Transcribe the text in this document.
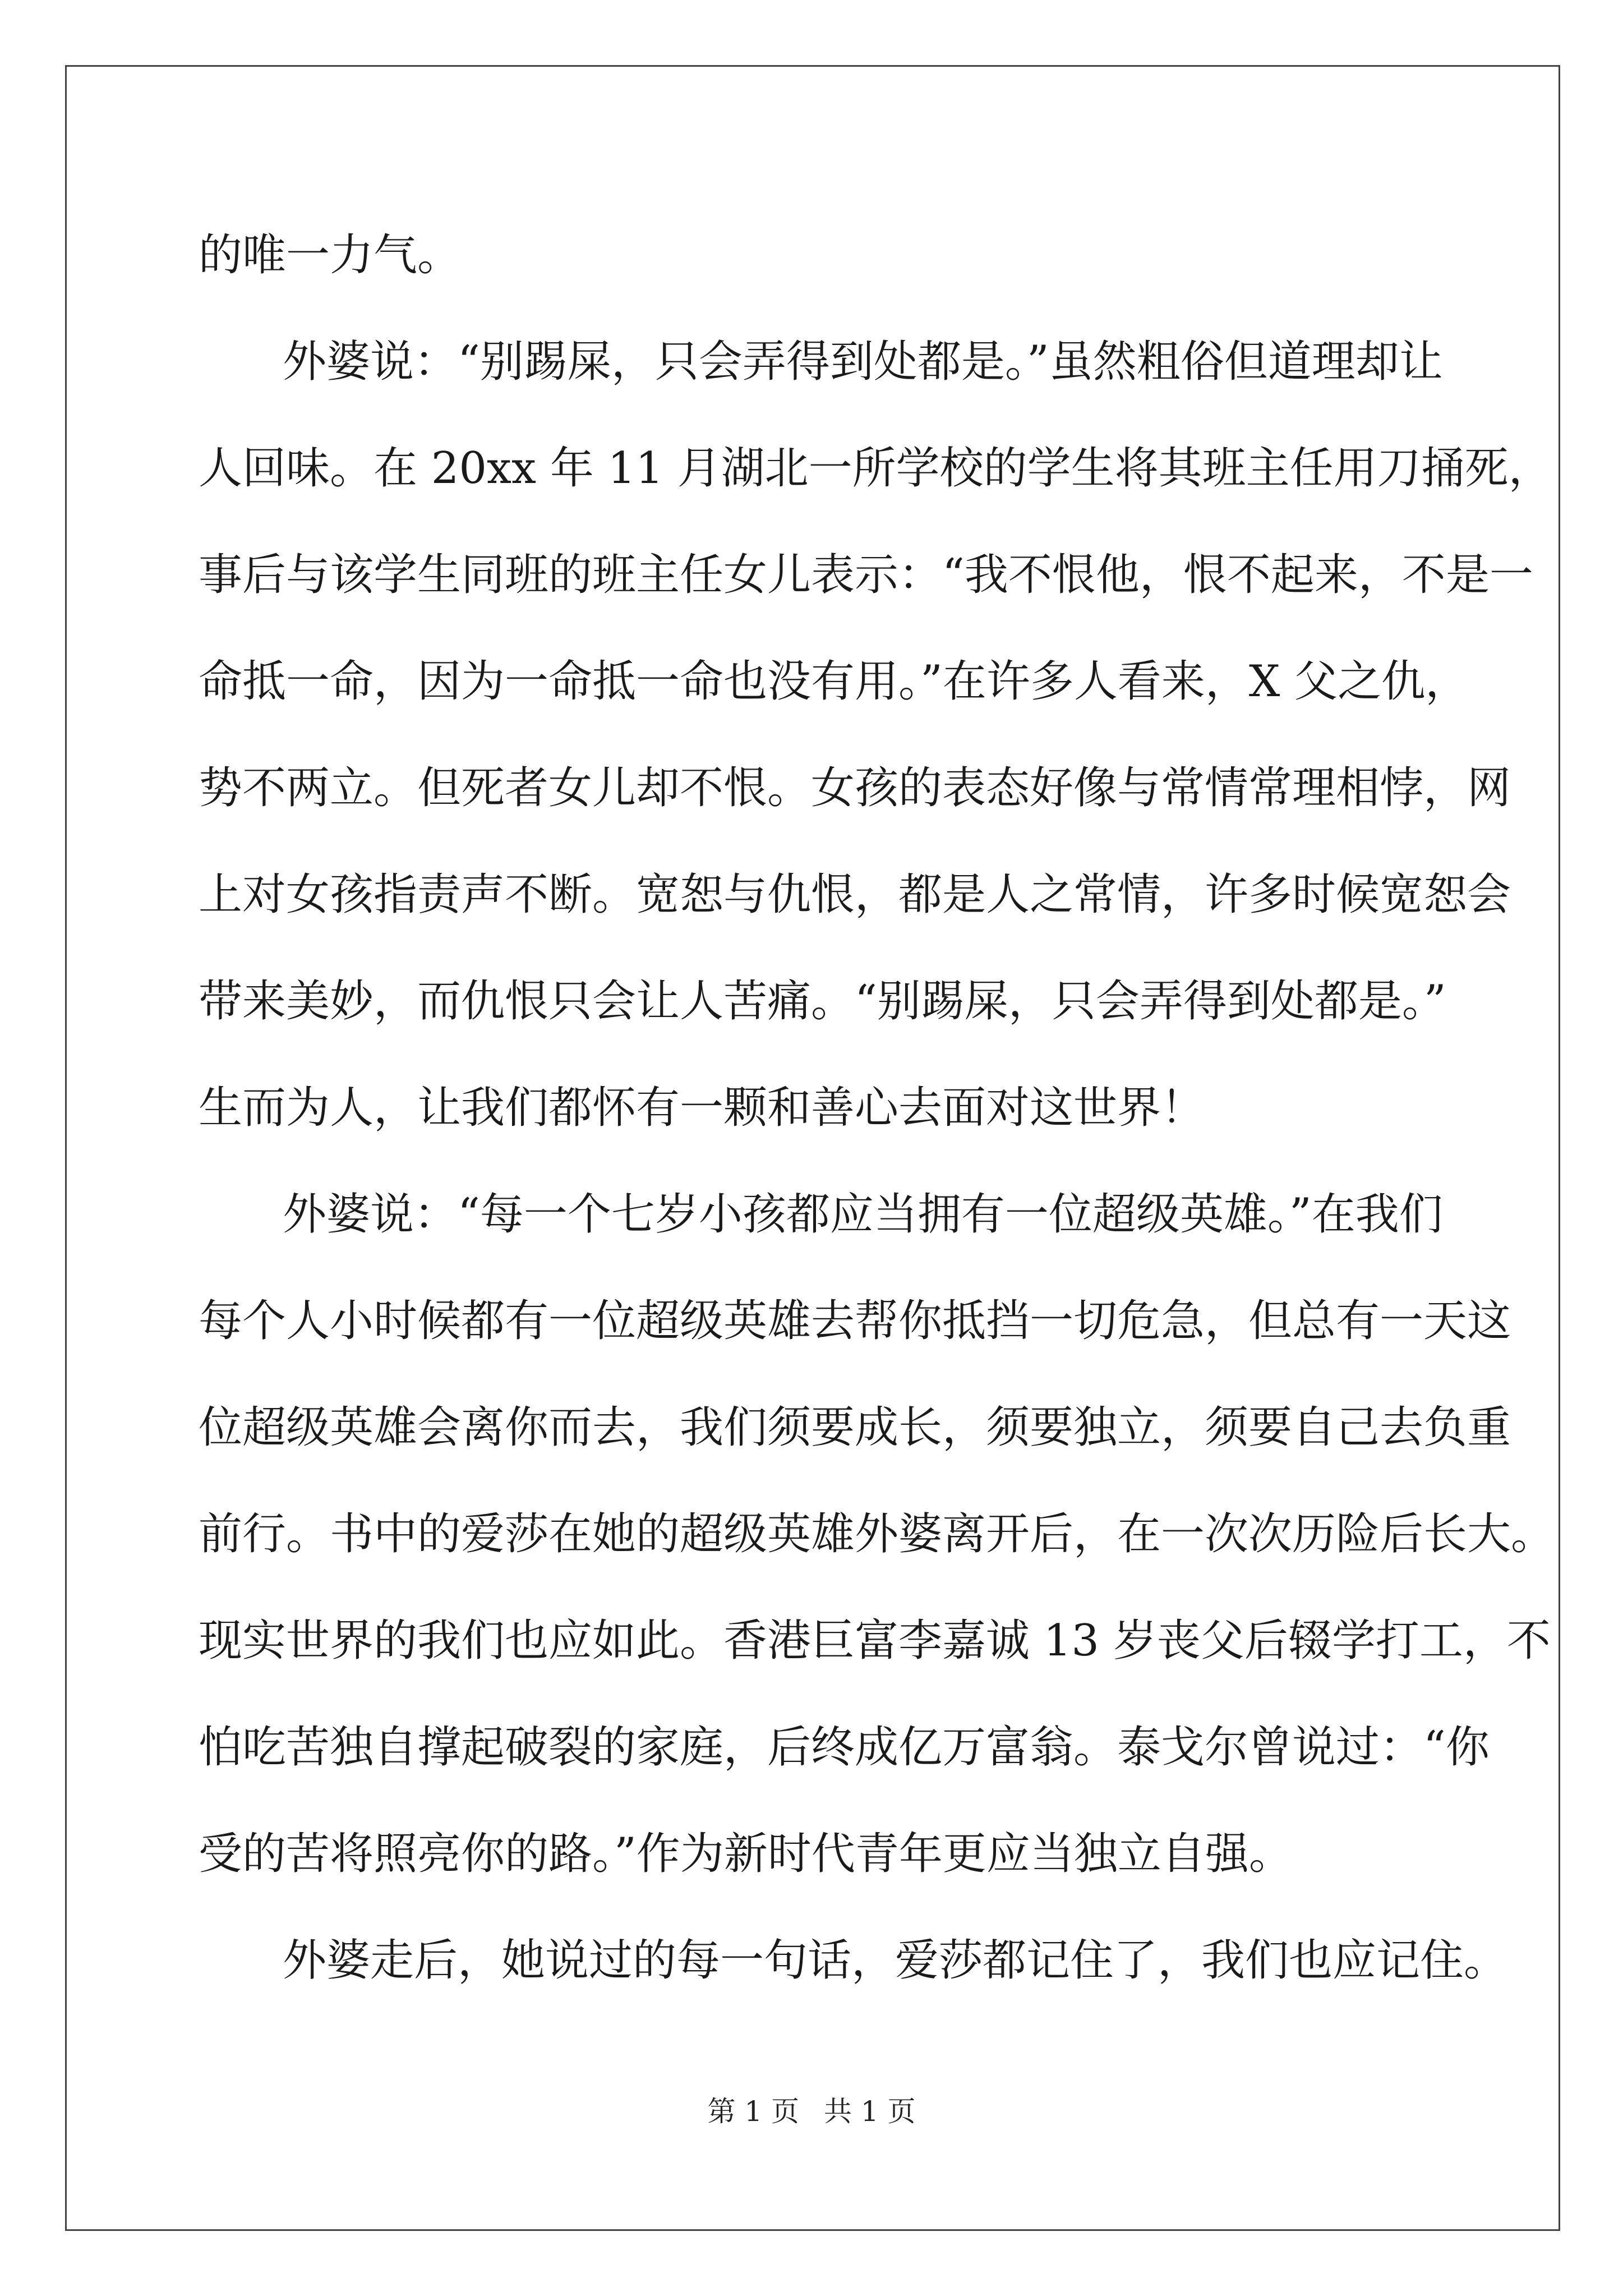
的唯一力气。
外婆说：“别踢屎，只会弄得到处都是。”虽然粗俗但道理却让
人回味。在 20xx 年 11 月湖北一所学校的学生将其班主任用刀捅死，
事后与该学生同班的班主任女儿表示：“我不恨他，恨不起来，不是一
命抵一命，因为一命抵一命也没有用。”在许多人看来，X 父之仇，
势不两立。但死者女儿却不恨。女孩的表态好像与常情常理相悖，网
上对女孩指责声不断。宽恕与仇恨，都是人之常情，许多时候宽恕会
带来美妙，而仇恨只会让人苦痛。“别踢屎，只会弄得到处都是。”
生而为人，让我们都怀有一颗和善心去面对这世界！
外婆说：“每一个七岁小孩都应当拥有一位超级英雄。”在我们
每个人小时候都有一位超级英雄去帮你抵挡一切危急，但总有一天这
位超级英雄会离你而去，我们须要成长，须要独立，须要自己去负重
前行。书中的爱莎在她的超级英雄外婆离开后，在一次次历险后长大。
现实世界的我们也应如此。香港巨富李嘉诚 13 岁丧父后辍学打工，不
怕吃苦独自撑起破裂的家庭，后终成亿万富翁。泰戈尔曾说过：“你
受的苦将照亮你的路。”作为新时代青年更应当独立自强。
外婆走后，她说过的每一句话，爱莎都记住了，我们也应记住。
第 1 页 共 1 页
